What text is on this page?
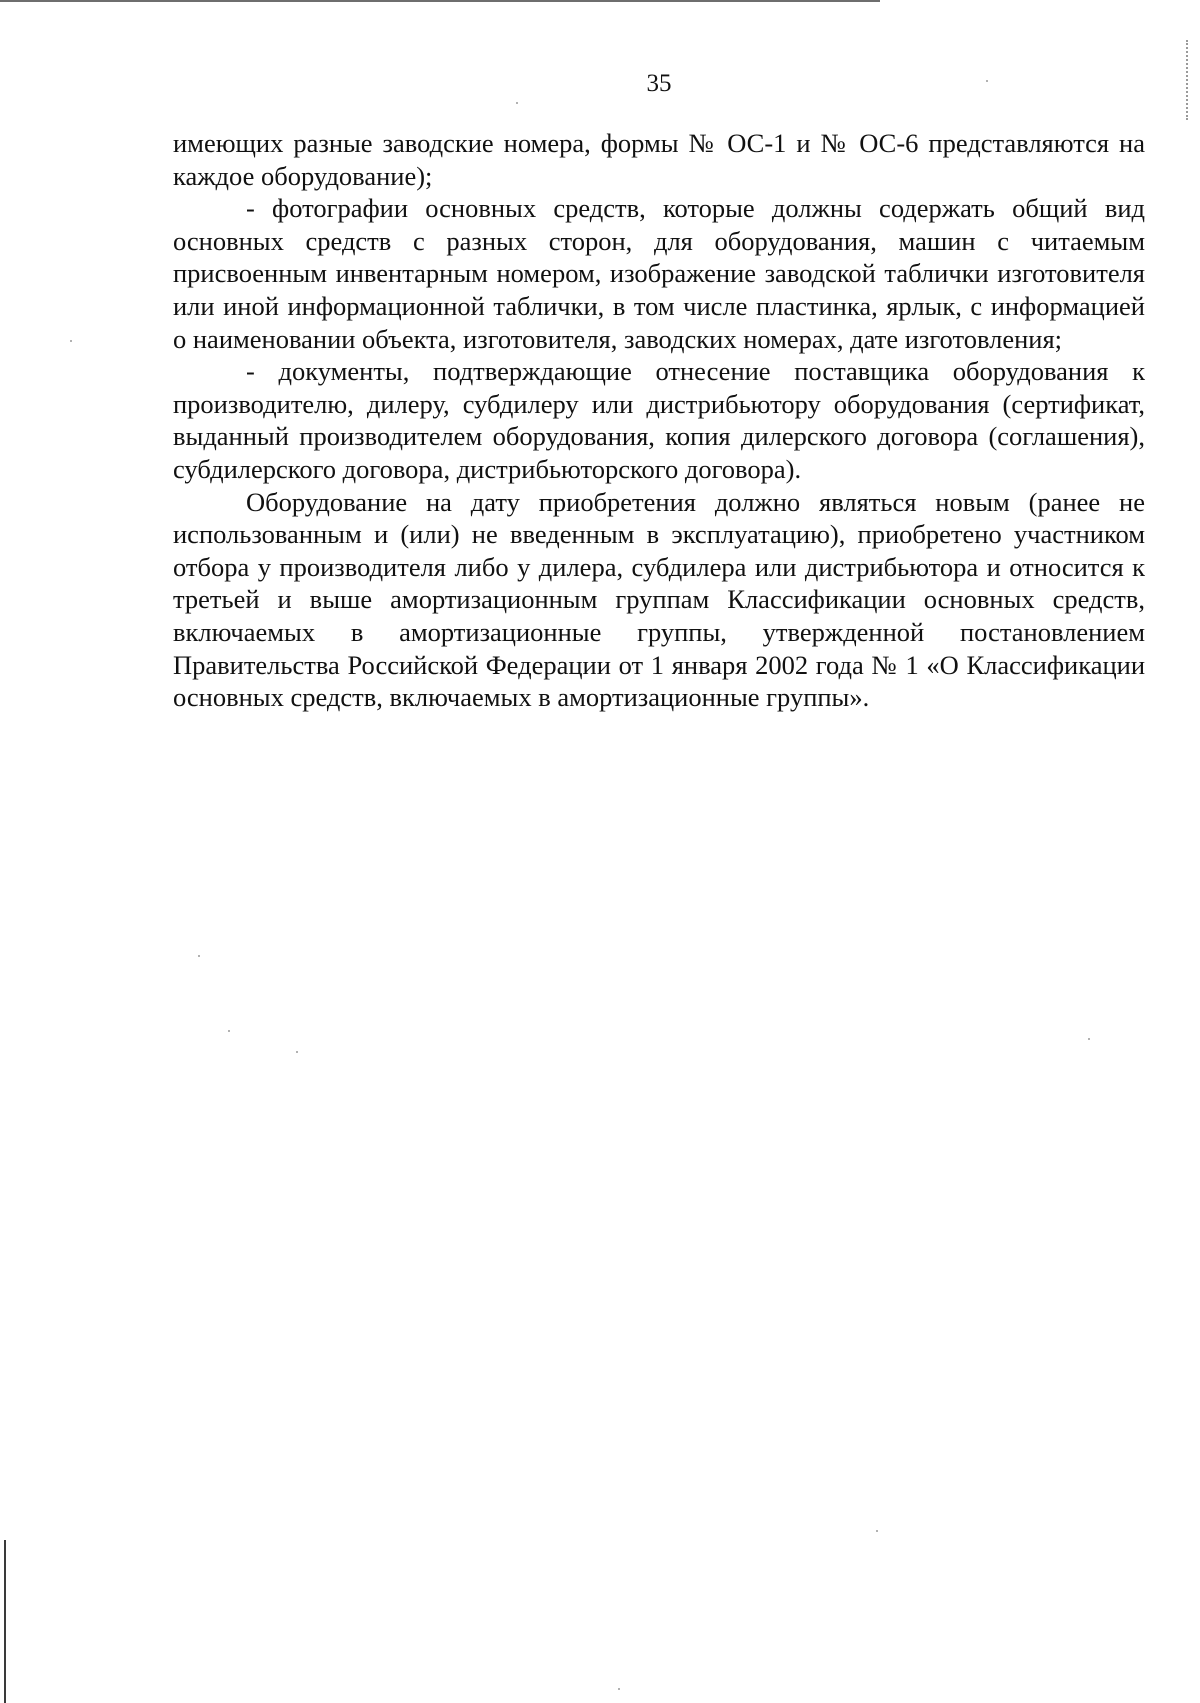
35

имеющих разные заводские номера, формы № ОС-1 и № ОС-6 представляются на каждое оборудование);

- фотографии основных средств, которые должны содержать общий вид основных средств с разных сторон, для оборудования, машин с читаемым присвоенным инвентарным номером, изображение заводской таблички изготовителя или иной информационной таблички, в том числе пластинка, ярлык, с информацией о наименовании объекта, изготовителя, заводских номерах, дате изготовления;

- документы, подтверждающие отнесение поставщика оборудования к производителю, дилеру, субдилеру или дистрибьютору оборудования (сертификат, выданный производителем оборудования, копия дилерского договора (соглашения), субдилерского договора, дистрибьюторского договора).

Оборудование на дату приобретения должно являться новым (ранее не использованным и (или) не введенным в эксплуатацию), приобретено участником отбора у производителя либо у дилера, субдилера или дистрибьютора и относится к третьей и выше амортизационным группам Классификации основных средств, включаемых в амортизационные группы, утвержденной постановлением Правительства Российской Федерации от 1 января 2002 года № 1 «О Классификации основных средств, включаемых в амортизационные группы».
